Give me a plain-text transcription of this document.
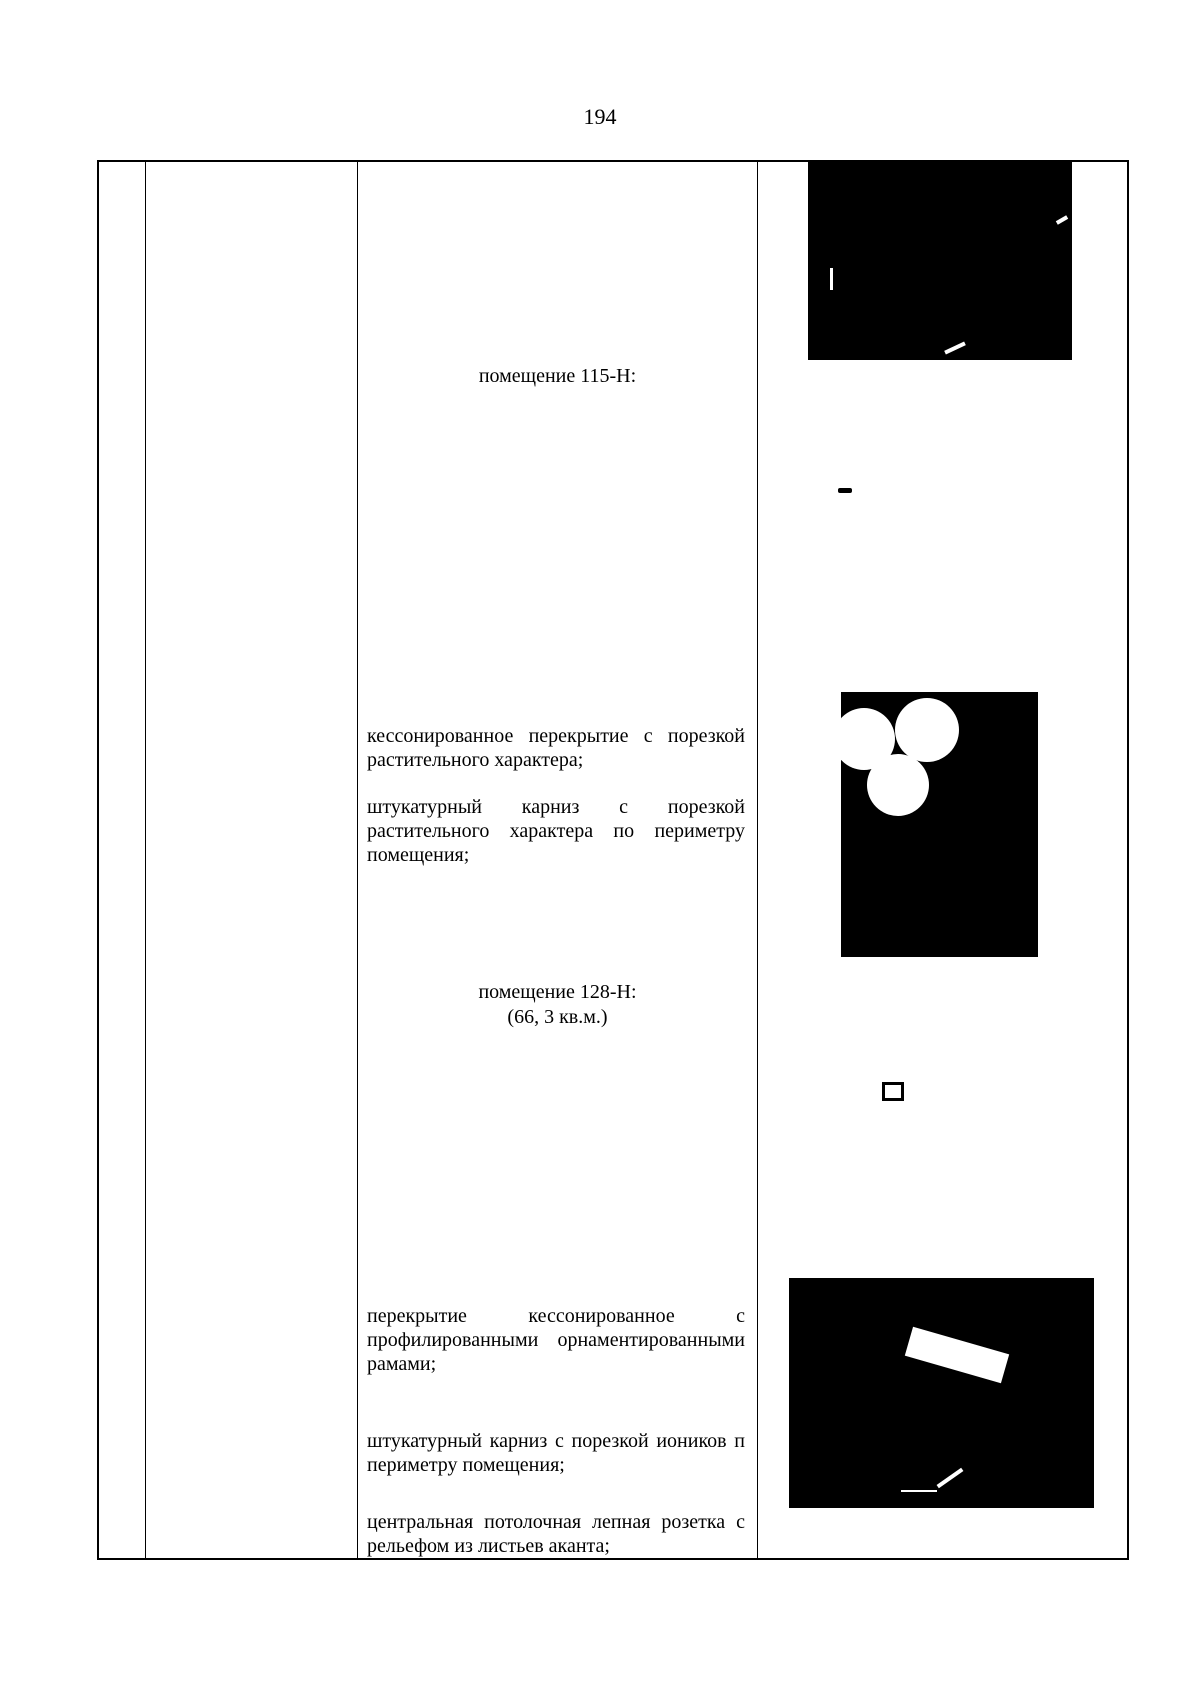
194
помещение 115-Н:
кессонированное перекрытие с порезкой растительного характера;
штукатурный карниз с порезкой растительного характера по периметру помещения;
помещение 128-Н:
(66, 3 кв.м.)
перекрытие кессонированное с профилированными орнаментированными рамами;
штукатурный карниз с порезкой иоников п периметру помещения;
центральная потолочная лепная розетка с рельефом из листьев аканта;
